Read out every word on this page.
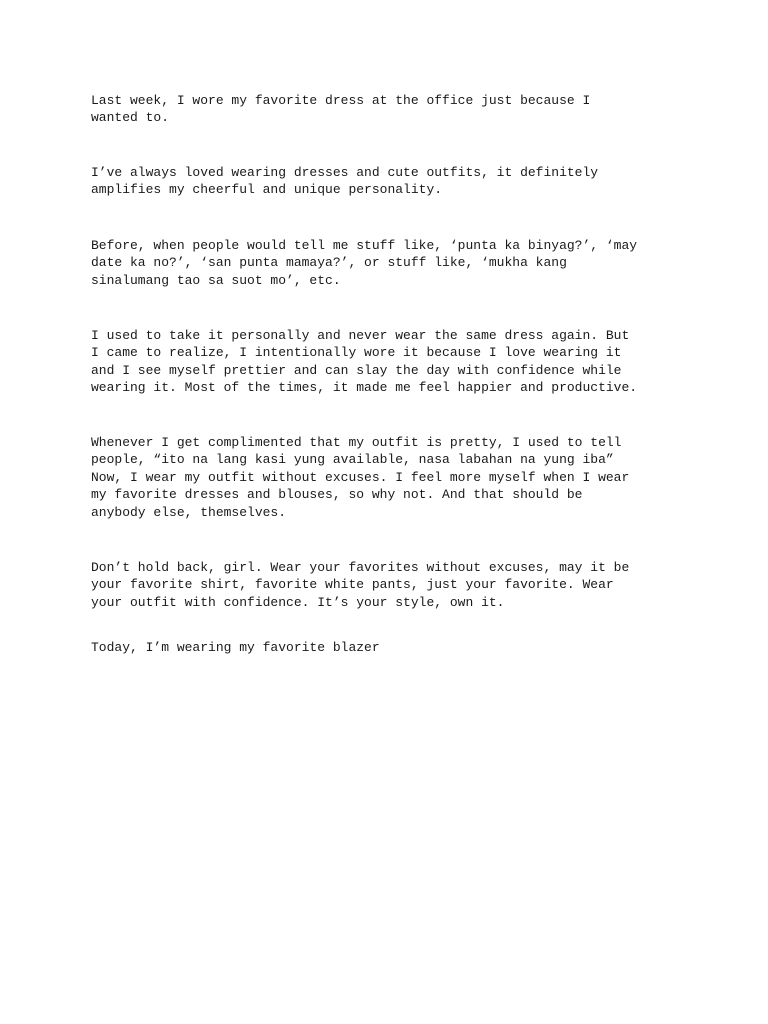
Last week, I wore my favorite dress at the office just because I
wanted to.

I’ve always loved wearing dresses and cute outfits, it definitely
amplifies my cheerful and unique personality.

Before, when people would tell me stuff like, ‘punta ka binyag?’, ‘may
date ka no?’, ‘san punta mamaya?’, or stuff like, ‘mukha kang
sinalumang tao sa suot mo’, etc.

I used to take it personally and never wear the same dress again. But
I came to realize, I intentionally wore it because I love wearing it
and I see myself prettier and can slay the day with confidence while
wearing it. Most of the times, it made me feel happier and productive.

Whenever I get complimented that my outfit is pretty, I used to tell
people, “ito na lang kasi yung available, nasa labahan na yung iba”
Now, I wear my outfit without excuses. I feel more myself when I wear
my favorite dresses and blouses, so why not. And that should be
anybody else, themselves.

Don’t hold back, girl. Wear your favorites without excuses, may it be
your favorite shirt, favorite white pants, just your favorite. Wear
your outfit with confidence. It’s your style, own it.

Today, I’m wearing my favorite blazer
